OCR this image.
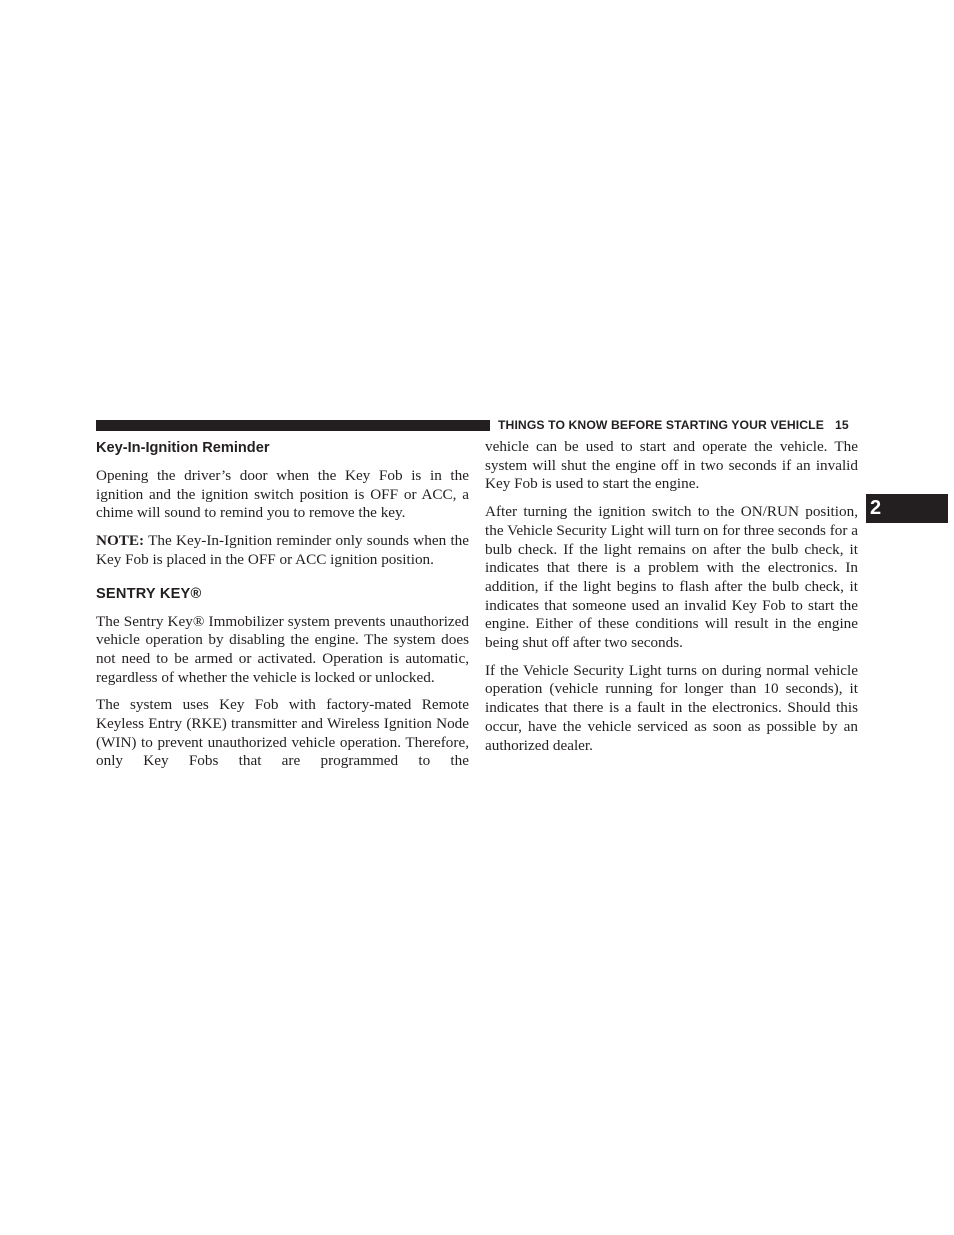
THINGS TO KNOW BEFORE STARTING YOUR VEHICLE 15
2
Key-In-Ignition Reminder

Opening the driver’s door when the Key Fob is in the ignition and the ignition switch position is OFF or ACC, a chime will sound to remind you to remove the key.

NOTE: The Key-In-Ignition reminder only sounds when the Key Fob is placed in the OFF or ACC ignition position.

SENTRY KEY®

The Sentry Key® Immobilizer system prevents unauthorized vehicle operation by disabling the engine. The system does not need to be armed or activated. Operation is automatic, regardless of whether the vehicle is locked or unlocked.

The system uses Key Fob with factory-mated Remote Keyless Entry (RKE) transmitter and Wireless Ignition Node (WIN) to prevent unauthorized vehicle operation. Therefore, only Key Fobs that are programmed to the

vehicle can be used to start and operate the vehicle. The system will shut the engine off in two seconds if an invalid Key Fob is used to start the engine.

After turning the ignition switch to the ON/RUN position, the Vehicle Security Light will turn on for three seconds for a bulb check. If the light remains on after the bulb check, it indicates that there is a problem with the electronics. In addition, if the light begins to flash after the bulb check, it indicates that someone used an invalid Key Fob to start the engine. Either of these conditions will result in the engine being shut off after two seconds.

If the Vehicle Security Light turns on during normal vehicle operation (vehicle running for longer than 10 seconds), it indicates that there is a fault in the electronics. Should this occur, have the vehicle serviced as soon as possible by an authorized dealer.
